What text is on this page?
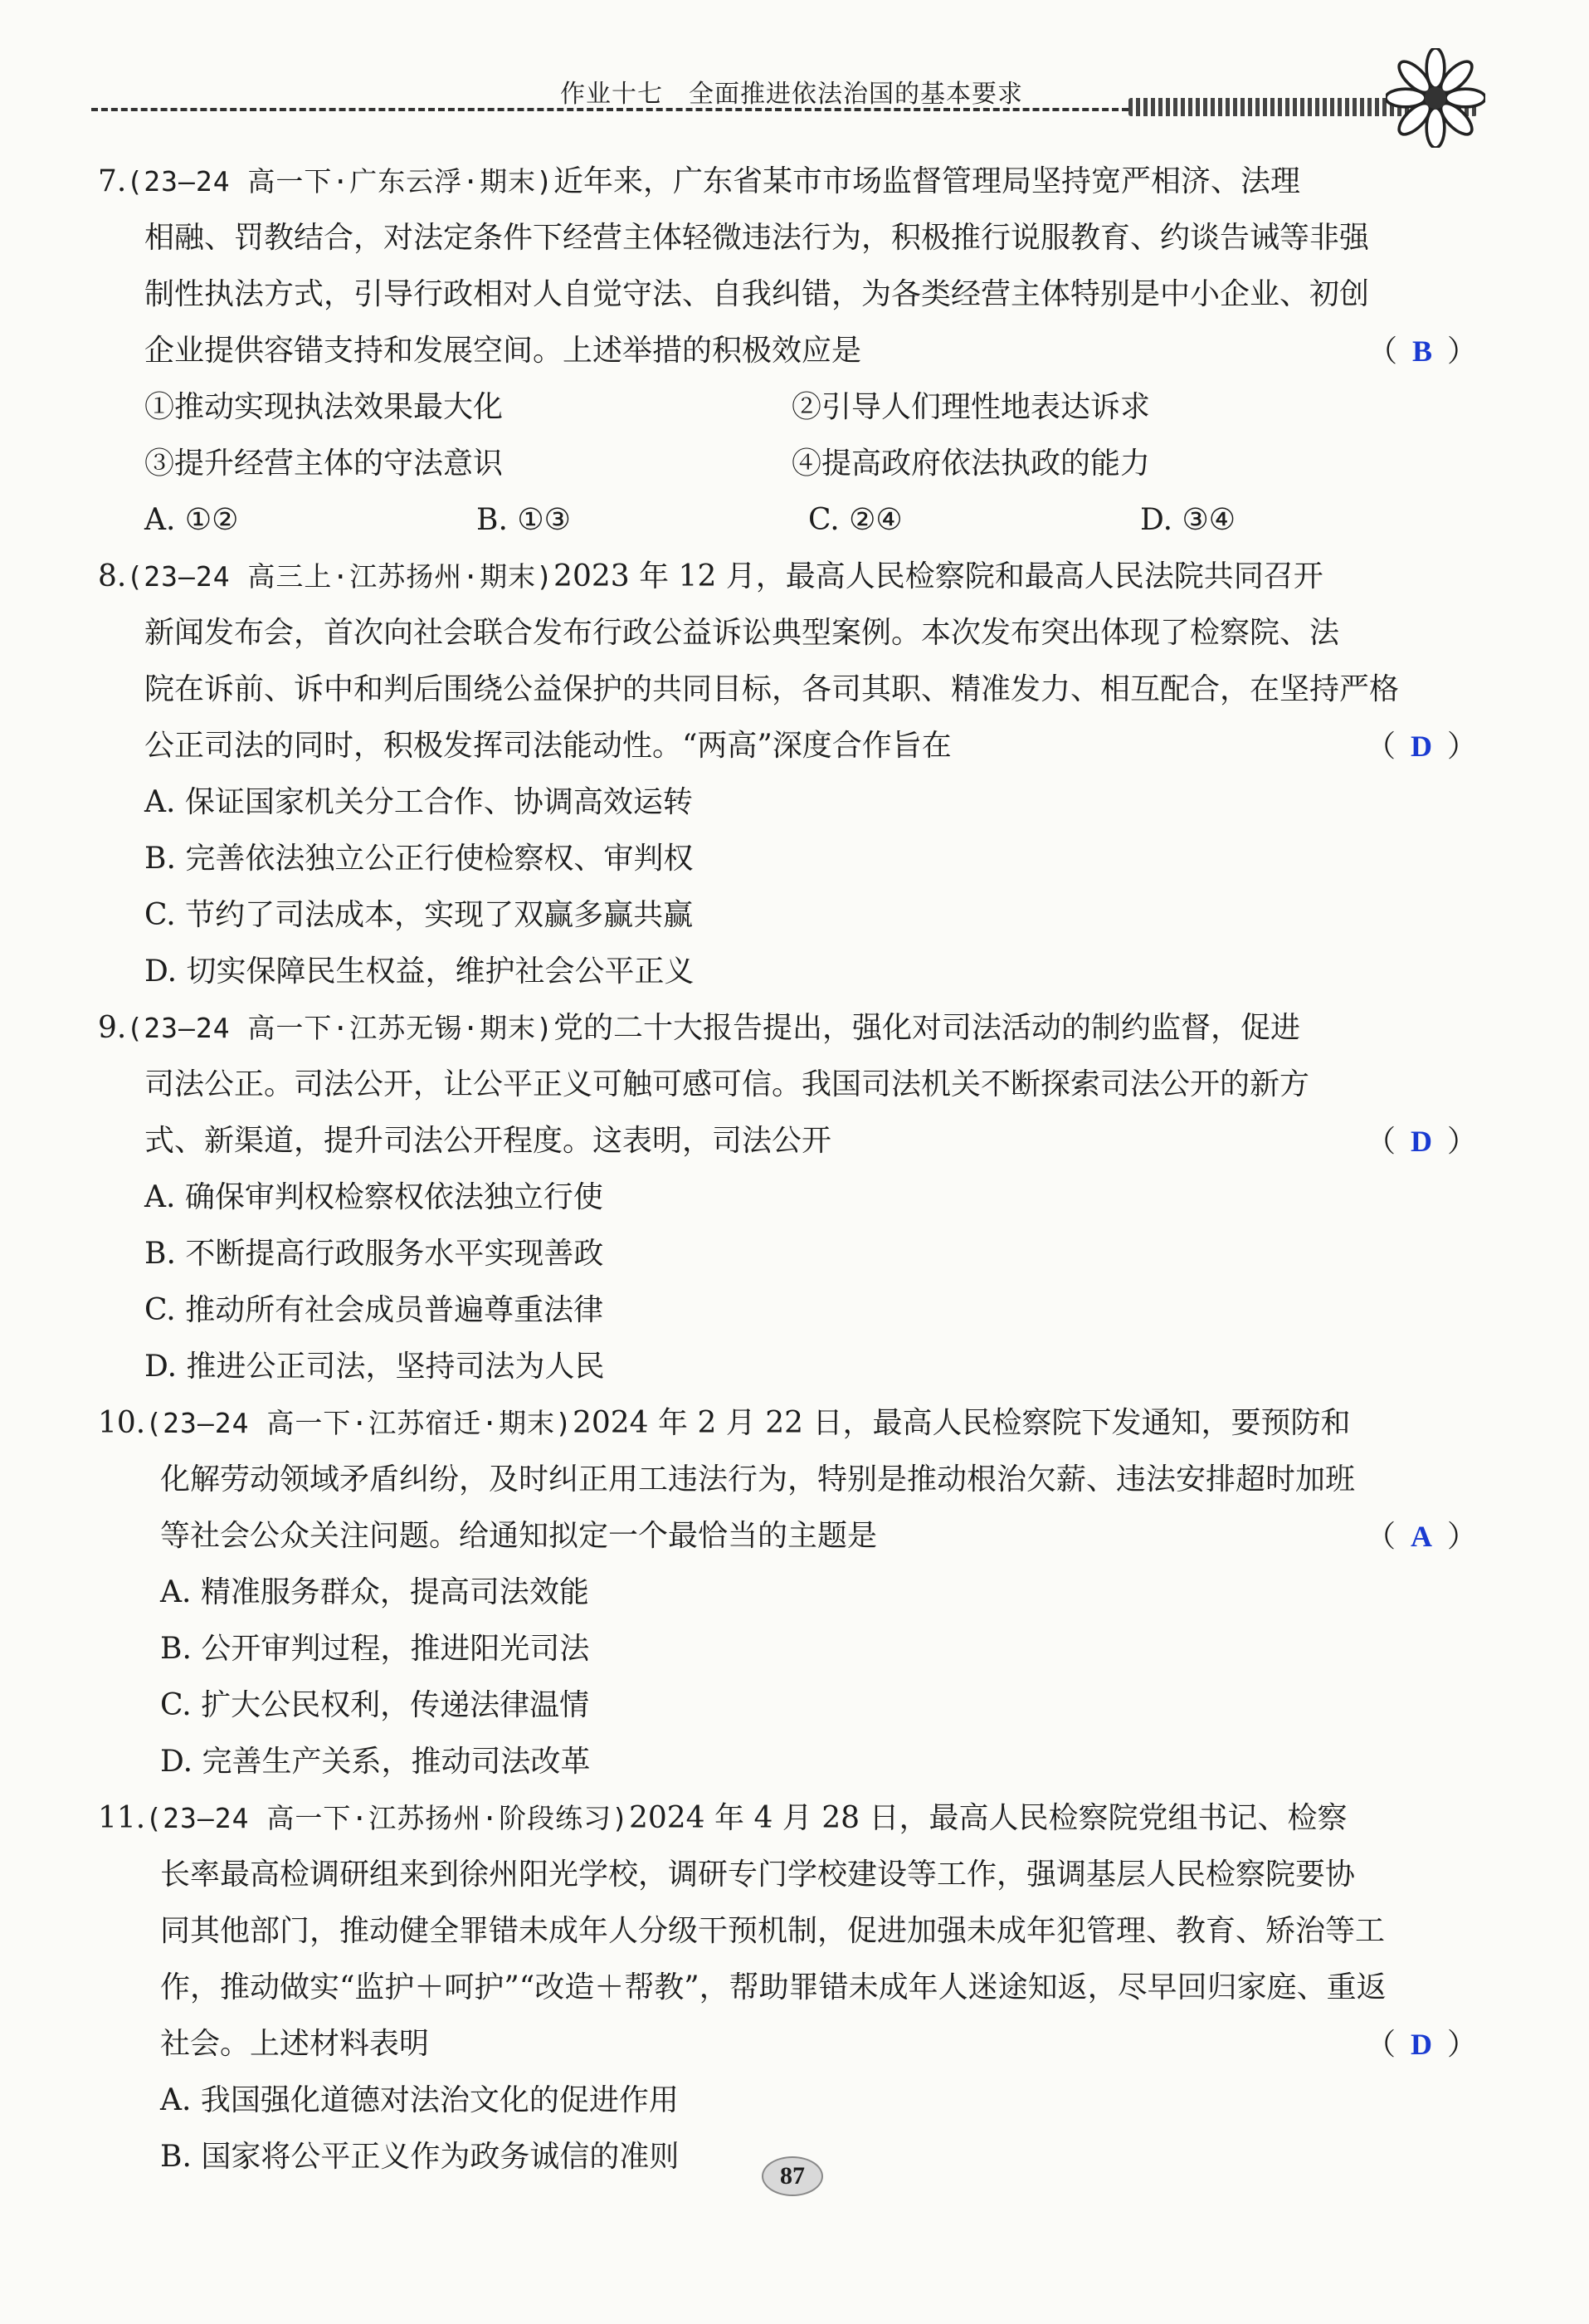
作业十七　全面推进依法治国的基本要求
7.(23—24 高一下·广东云浮·期末)近年来，广东省某市市场监督管理局坚持宽严相济、法理
相融、罚教结合，对法定条件下经营主体轻微违法行为，积极推行说服教育、约谈告诫等非强
制性执法方式，引导行政相对人自觉守法、自我纠错，为各类经营主体特别是中小企业、初创
企业提供容错支持和发展空间。上述举措的积极效应是	（ B ）
①推动实现执法效果最大化	②引导人们理性地表达诉求
③提升经营主体的守法意识	④提高政府依法执政的能力
A. ①②	B. ①③	C. ②④	D. ③④
8.(23—24 高三上·江苏扬州·期末)2023 年 12 月，最高人民检察院和最高人民法院共同召开
新闻发布会，首次向社会联合发布行政公益诉讼典型案例。本次发布突出体现了检察院、法
院在诉前、诉中和判后围绕公益保护的共同目标，各司其职、精准发力、相互配合，在坚持严格
公正司法的同时，积极发挥司法能动性。“两高”深度合作旨在	（ D ）
A. 保证国家机关分工合作、协调高效运转
B. 完善依法独立公正行使检察权、审判权
C. 节约了司法成本，实现了双赢多赢共赢
D. 切实保障民生权益，维护社会公平正义
9.(23—24 高一下·江苏无锡·期末)党的二十大报告提出，强化对司法活动的制约监督，促进
司法公正。司法公开，让公平正义可触可感可信。我国司法机关不断探索司法公开的新方
式、新渠道，提升司法公开程度。这表明，司法公开	（ D ）
A. 确保审判权检察权依法独立行使
B. 不断提高行政服务水平实现善政
C. 推动所有社会成员普遍尊重法律
D. 推进公正司法，坚持司法为人民
10.(23—24 高一下·江苏宿迁·期末)2024 年 2 月 22 日，最高人民检察院下发通知，要预防和
化解劳动领域矛盾纠纷，及时纠正用工违法行为，特别是推动根治欠薪、违法安排超时加班
等社会公众关注问题。给通知拟定一个最恰当的主题是	（ A ）
A. 精准服务群众，提高司法效能
B. 公开审判过程，推进阳光司法
C. 扩大公民权利，传递法律温情
D. 完善生产关系，推动司法改革
11.(23—24 高一下·江苏扬州·阶段练习)2024 年 4 月 28 日，最高人民检察院党组书记、检察
长率最高检调研组来到徐州阳光学校，调研专门学校建设等工作，强调基层人民检察院要协
同其他部门，推动健全罪错未成年人分级干预机制，促进加强未成年犯管理、教育、矫治等工
作，推动做实“监护＋呵护”“改造＋帮教”，帮助罪错未成年人迷途知返，尽早回归家庭、重返
社会。上述材料表明	（ D ）
A. 我国强化道德对法治文化的促进作用
B. 国家将公平正义作为政务诚信的准则
87
